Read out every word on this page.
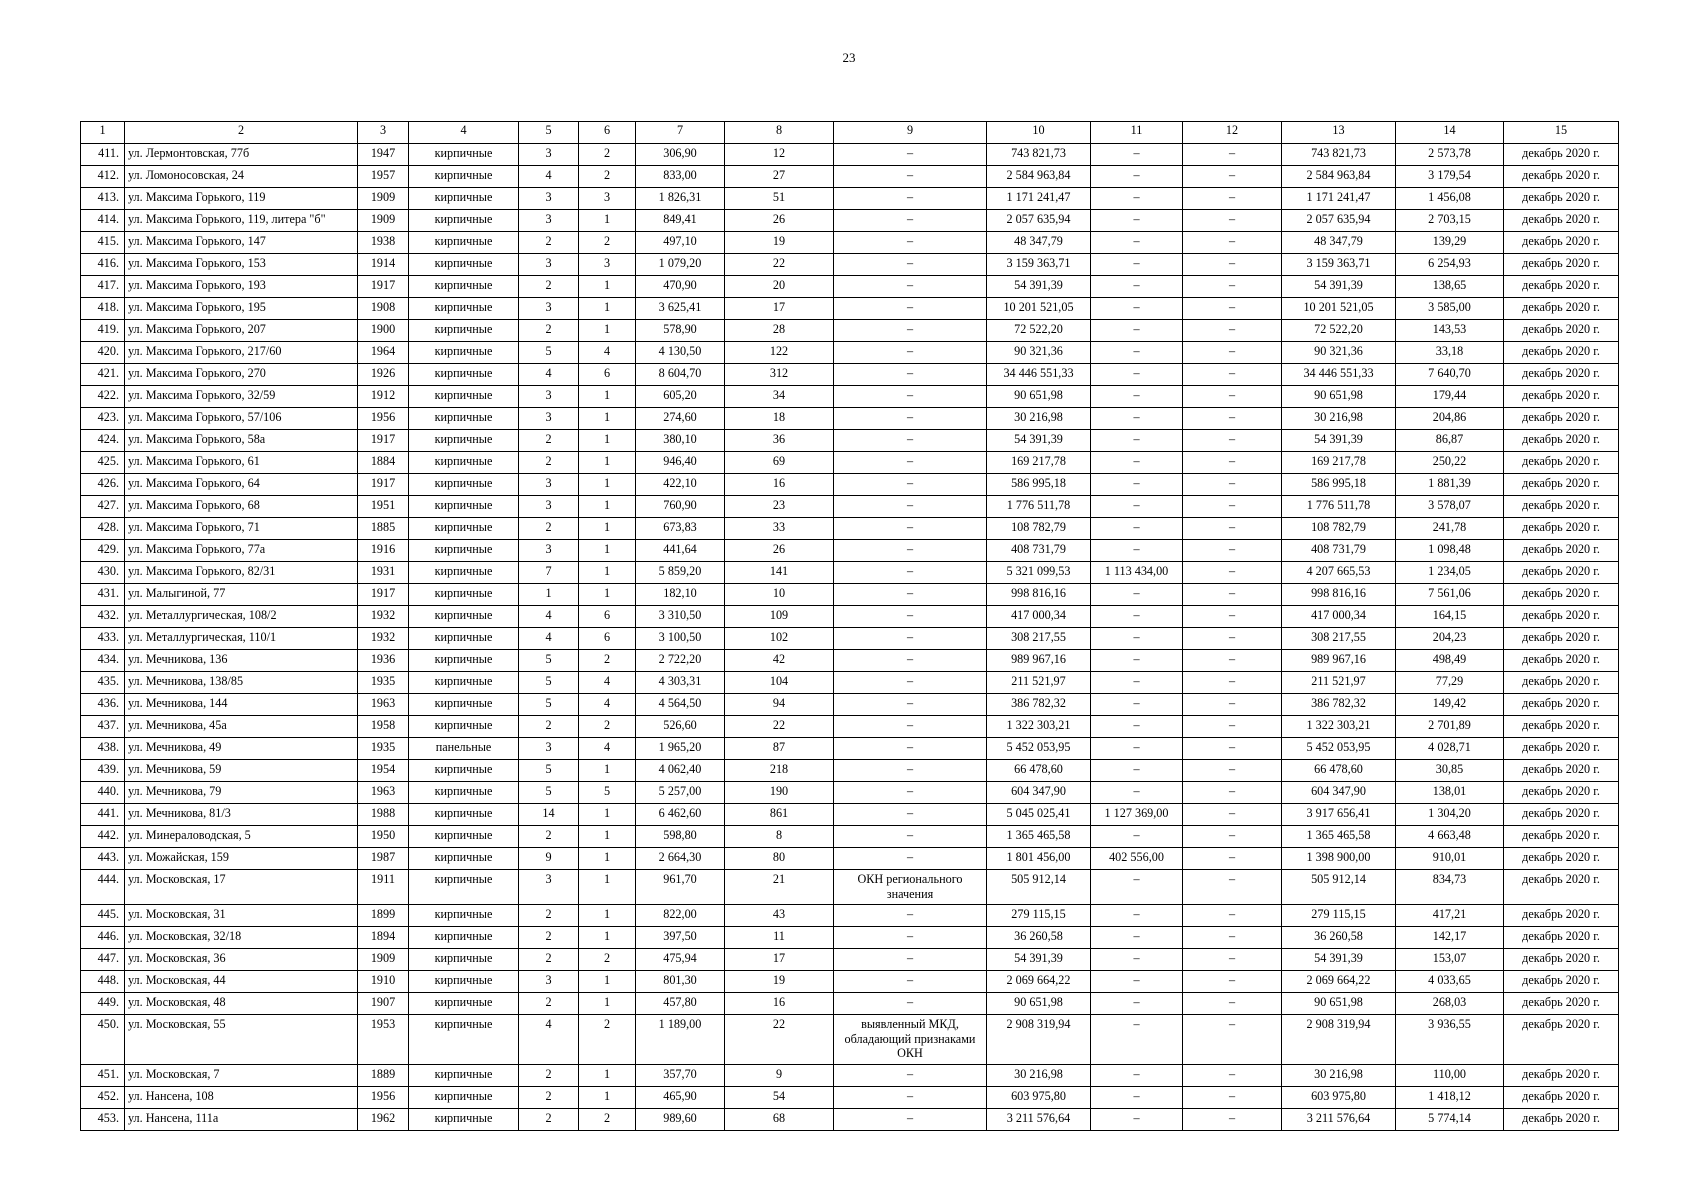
23
1	2	3	4	5	6	7	8	9	10	11	12	13	14	15
411.	ул. Лермонтовская, 77б	1947	кирпичные	3	2	306,90	12	–	743 821,73	–	–	743 821,73	2 573,78	декабрь 2020 г.
412.	ул. Ломоносовская, 24	1957	кирпичные	4	2	833,00	27	–	2 584 963,84	–	–	2 584 963,84	3 179,54	декабрь 2020 г.
413.	ул. Максима Горького, 119	1909	кирпичные	3	3	1 826,31	51	–	1 171 241,47	–	–	1 171 241,47	1 456,08	декабрь 2020 г.
414.	ул. Максима Горького, 119, литера "б"	1909	кирпичные	3	1	849,41	26	–	2 057 635,94	–	–	2 057 635,94	2 703,15	декабрь 2020 г.
415.	ул. Максима Горького, 147	1938	кирпичные	2	2	497,10	19	–	48 347,79	–	–	48 347,79	139,29	декабрь 2020 г.
416.	ул. Максима Горького, 153	1914	кирпичные	3	3	1 079,20	22	–	3 159 363,71	–	–	3 159 363,71	6 254,93	декабрь 2020 г.
417.	ул. Максима Горького, 193	1917	кирпичные	2	1	470,90	20	–	54 391,39	–	–	54 391,39	138,65	декабрь 2020 г.
418.	ул. Максима Горького, 195	1908	кирпичные	3	1	3 625,41	17	–	10 201 521,05	–	–	10 201 521,05	3 585,00	декабрь 2020 г.
419.	ул. Максима Горького, 207	1900	кирпичные	2	1	578,90	28	–	72 522,20	–	–	72 522,20	143,53	декабрь 2020 г.
420.	ул. Максима Горького, 217/60	1964	кирпичные	5	4	4 130,50	122	–	90 321,36	–	–	90 321,36	33,18	декабрь 2020 г.
421.	ул. Максима Горького, 270	1926	кирпичные	4	6	8 604,70	312	–	34 446 551,33	–	–	34 446 551,33	7 640,70	декабрь 2020 г.
422.	ул. Максима Горького, 32/59	1912	кирпичные	3	1	605,20	34	–	90 651,98	–	–	90 651,98	179,44	декабрь 2020 г.
423.	ул. Максима Горького, 57/106	1956	кирпичные	3	1	274,60	18	–	30 216,98	–	–	30 216,98	204,86	декабрь 2020 г.
424.	ул. Максима Горького, 58а	1917	кирпичные	2	1	380,10	36	–	54 391,39	–	–	54 391,39	86,87	декабрь 2020 г.
425.	ул. Максима Горького, 61	1884	кирпичные	2	1	946,40	69	–	169 217,78	–	–	169 217,78	250,22	декабрь 2020 г.
426.	ул. Максима Горького, 64	1917	кирпичные	3	1	422,10	16	–	586 995,18	–	–	586 995,18	1 881,39	декабрь 2020 г.
427.	ул. Максима Горького, 68	1951	кирпичные	3	1	760,90	23	–	1 776 511,78	–	–	1 776 511,78	3 578,07	декабрь 2020 г.
428.	ул. Максима Горького, 71	1885	кирпичные	2	1	673,83	33	–	108 782,79	–	–	108 782,79	241,78	декабрь 2020 г.
429.	ул. Максима Горького, 77а	1916	кирпичные	3	1	441,64	26	–	408 731,79	–	–	408 731,79	1 098,48	декабрь 2020 г.
430.	ул. Максима Горького, 82/31	1931	кирпичные	7	1	5 859,20	141	–	5 321 099,53	1 113 434,00	–	4 207 665,53	1 234,05	декабрь 2020 г.
431.	ул. Малыгиной, 77	1917	кирпичные	1	1	182,10	10	–	998 816,16	–	–	998 816,16	7 561,06	декабрь 2020 г.
432.	ул. Металлургическая, 108/2	1932	кирпичные	4	6	3 310,50	109	–	417 000,34	–	–	417 000,34	164,15	декабрь 2020 г.
433.	ул. Металлургическая, 110/1	1932	кирпичные	4	6	3 100,50	102	–	308 217,55	–	–	308 217,55	204,23	декабрь 2020 г.
434.	ул. Мечникова, 136	1936	кирпичные	5	2	2 722,20	42	–	989 967,16	–	–	989 967,16	498,49	декабрь 2020 г.
435.	ул. Мечникова, 138/85	1935	кирпичные	5	4	4 303,31	104	–	211 521,97	–	–	211 521,97	77,29	декабрь 2020 г.
436.	ул. Мечникова, 144	1963	кирпичные	5	4	4 564,50	94	–	386 782,32	–	–	386 782,32	149,42	декабрь 2020 г.
437.	ул. Мечникова, 45а	1958	кирпичные	2	2	526,60	22	–	1 322 303,21	–	–	1 322 303,21	2 701,89	декабрь 2020 г.
438.	ул. Мечникова, 49	1935	панельные	3	4	1 965,20	87	–	5 452 053,95	–	–	5 452 053,95	4 028,71	декабрь 2020 г.
439.	ул. Мечникова, 59	1954	кирпичные	5	1	4 062,40	218	–	66 478,60	–	–	66 478,60	30,85	декабрь 2020 г.
440.	ул. Мечникова, 79	1963	кирпичные	5	5	5 257,00	190	–	604 347,90	–	–	604 347,90	138,01	декабрь 2020 г.
441.	ул. Мечникова, 81/3	1988	кирпичные	14	1	6 462,60	861	–	5 045 025,41	1 127 369,00	–	3 917 656,41	1 304,20	декабрь 2020 г.
442.	ул. Минераловодская, 5	1950	кирпичные	2	1	598,80	8	–	1 365 465,58	–	–	1 365 465,58	4 663,48	декабрь 2020 г.
443.	ул. Можайская, 159	1987	кирпичные	9	1	2 664,30	80	–	1 801 456,00	402 556,00	–	1 398 900,00	910,01	декабрь 2020 г.
444.	ул. Московская, 17	1911	кирпичные	3	1	961,70	21	ОКН регионального значения	505 912,14	–	–	505 912,14	834,73	декабрь 2020 г.
445.	ул. Московская, 31	1899	кирпичные	2	1	822,00	43	–	279 115,15	–	–	279 115,15	417,21	декабрь 2020 г.
446.	ул. Московская, 32/18	1894	кирпичные	2	1	397,50	11	–	36 260,58	–	–	36 260,58	142,17	декабрь 2020 г.
447.	ул. Московская, 36	1909	кирпичные	2	2	475,94	17	–	54 391,39	–	–	54 391,39	153,07	декабрь 2020 г.
448.	ул. Московская, 44	1910	кирпичные	3	1	801,30	19	–	2 069 664,22	–	–	2 069 664,22	4 033,65	декабрь 2020 г.
449.	ул. Московская, 48	1907	кирпичные	2	1	457,80	16	–	90 651,98	–	–	90 651,98	268,03	декабрь 2020 г.
450.	ул. Московская, 55	1953	кирпичные	4	2	1 189,00	22	выявленный МКД, обладающий признаками ОКН	2 908 319,94	–	–	2 908 319,94	3 936,55	декабрь 2020 г.
451.	ул. Московская, 7	1889	кирпичные	2	1	357,70	9	–	30 216,98	–	–	30 216,98	110,00	декабрь 2020 г.
452.	ул. Нансена, 108	1956	кирпичные	2	1	465,90	54	–	603 975,80	–	–	603 975,80	1 418,12	декабрь 2020 г.
453.	ул. Нансена, 111а	1962	кирпичные	2	2	989,60	68	–	3 211 576,64	–	–	3 211 576,64	5 774,14	декабрь 2020 г.
